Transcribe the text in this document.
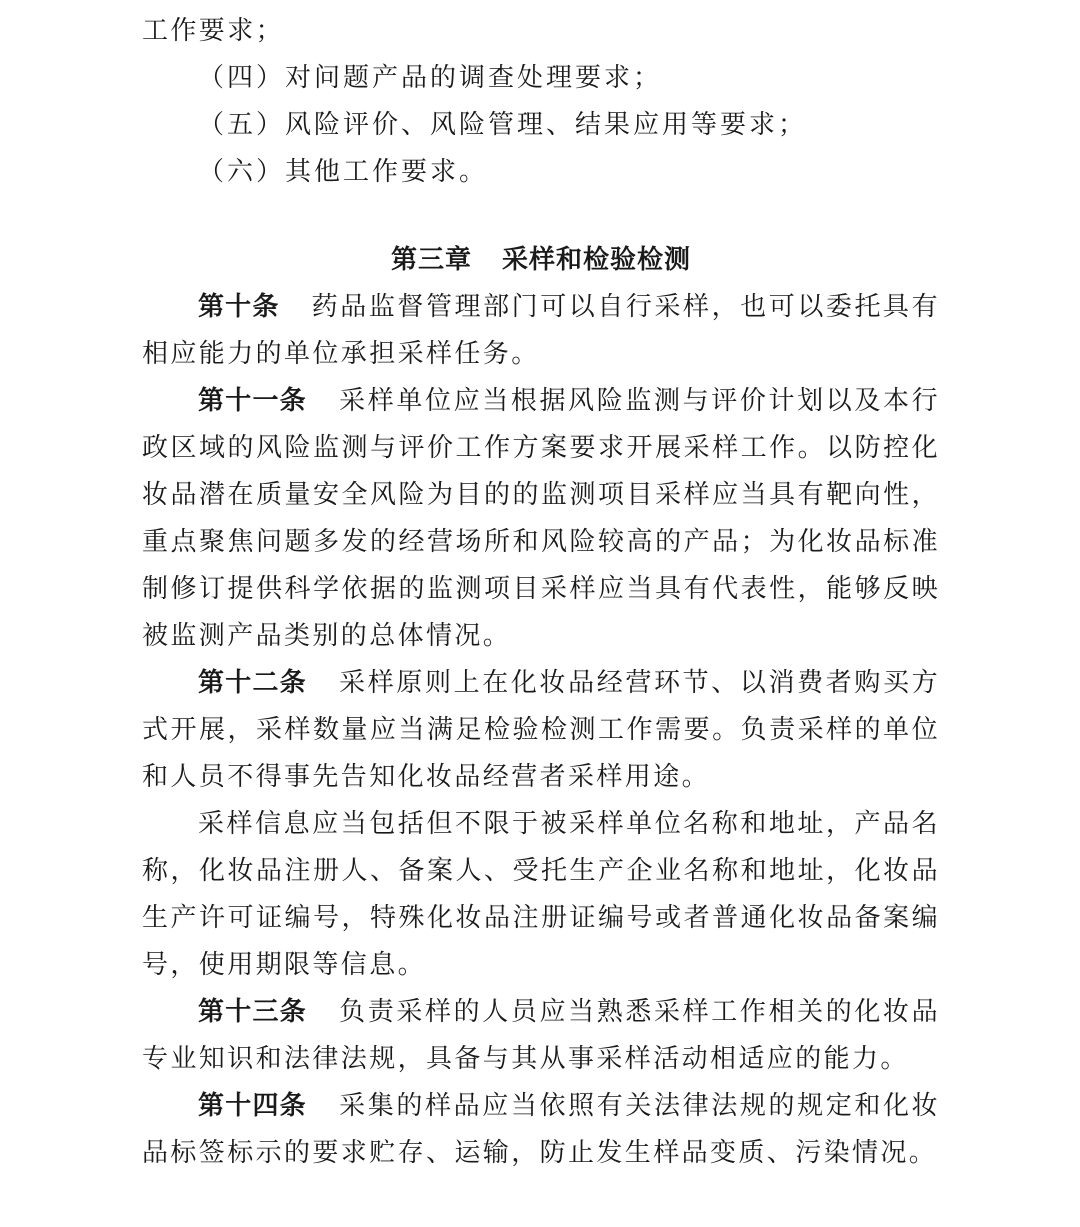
工作要求；

（四）对问题产品的调查处理要求；

（五）风险评价、风险管理、结果应用等要求；

（六）其他工作要求。

第三章 采样和检验检测

第十条 药品监督管理部门可以自行采样，也可以委托具有相应能力的单位承担采样任务。

第十一条 采样单位应当根据风险监测与评价计划以及本行政区域的风险监测与评价工作方案要求开展采样工作。以防控化妆品潜在质量安全风险为目的的监测项目采样应当具有靶向性，重点聚焦问题多发的经营场所和风险较高的产品；为化妆品标准制修订提供科学依据的监测项目采样应当具有代表性，能够反映被监测产品类别的总体情况。

第十二条 采样原则上在化妆品经营环节、以消费者购买方式开展，采样数量应当满足检验检测工作需要。负责采样的单位和人员不得事先告知化妆品经营者采样用途。

采样信息应当包括但不限于被采样单位名称和地址，产品名称，化妆品注册人、备案人、受托生产企业名称和地址，化妆品生产许可证编号，特殊化妆品注册证编号或者普通化妆品备案编号，使用期限等信息。

第十三条 负责采样的人员应当熟悉采样工作相关的化妆品专业知识和法律法规，具备与其从事采样活动相适应的能力。

第十四条 采集的样品应当依照有关法律法规的规定和化妆品标签标示的要求贮存、运输，防止发生样品变质、污染情况。
